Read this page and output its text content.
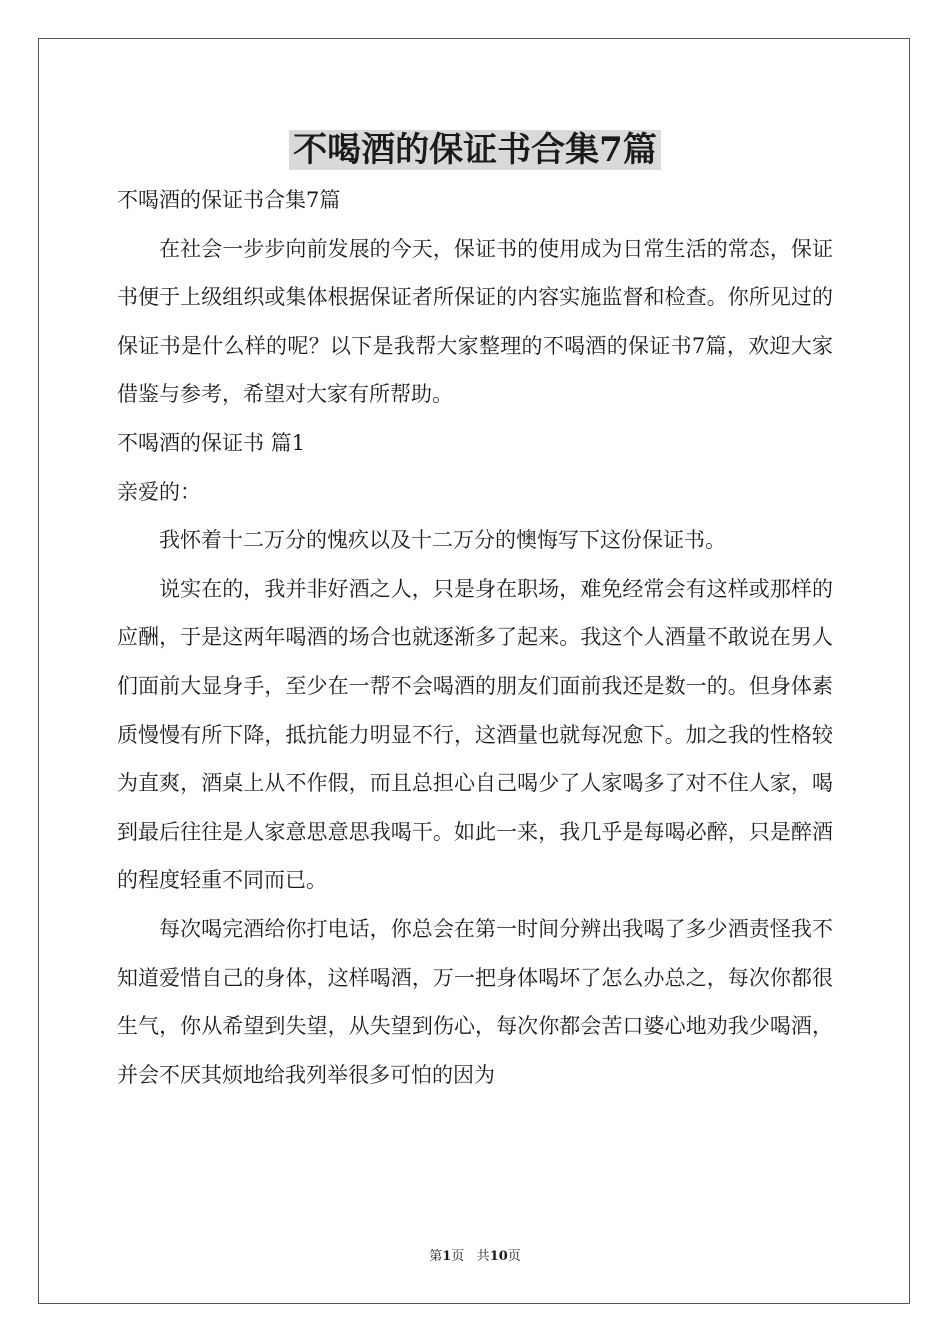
不喝酒的保证书合集7篇

不喝酒的保证书合集7篇

在社会一步步向前发展的今天，保证书的使用成为日常生活的常态，保证书便于上级组织或集体根据保证者所保证的内容实施监督和检查。你所见过的保证书是什么样的呢？以下是我帮大家整理的不喝酒的保证书7篇，欢迎大家借鉴与参考，希望对大家有所帮助。

不喝酒的保证书 篇1

亲爱的：

我怀着十二万分的愧疚以及十二万分的懊悔写下这份保证书。

说实在的，我并非好酒之人，只是身在职场，难免经常会有这样或那样的应酬，于是这两年喝酒的场合也就逐渐多了起来。我这个人酒量不敢说在男人们面前大显身手，至少在一帮不会喝酒的朋友们面前我还是数一的。但身体素质慢慢有所下降，抵抗能力明显不行，这酒量也就每况愈下。加之我的性格较为直爽，酒桌上从不作假，而且总担心自己喝少了人家喝多了对不住人家，喝到最后往往是人家意思意思我喝干。如此一来，我几乎是每喝必醉，只是醉酒的程度轻重不同而已。

每次喝完酒给你打电话，你总会在第一时间分辨出我喝了多少酒责怪我不知道爱惜自己的身体，这样喝酒，万一把身体喝坏了怎么办总之，每次你都很生气，你从希望到失望，从失望到伤心，每次你都会苦口婆心地劝我少喝酒，并会不厌其烦地给我列举很多可怕的因为

第1页 共10页
